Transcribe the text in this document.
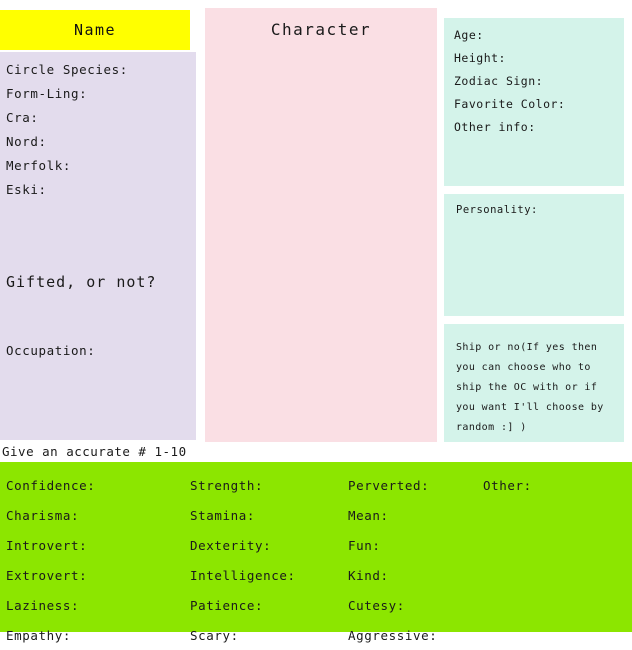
Name
Circle Species:
Form-Ling:
Cra:
Nord:
Merfolk:
Eski:
Gifted, or not?
Occupation:
Character	Age:
Height:
Zodiac Sign:
Favorite Color:
Other info:
Personality:
Ship or no(If yes then you can choose who to ship the OC with or if you want I'll choose by random :] )
Give an accurate # 1-10
Confidence:	Strength:	Perverted:	Other:
Charisma:	Stamina:	Mean:
Introvert:	Dexterity:	Fun:
Extrovert:	Intelligence:	Kind:
Laziness:	Patience:	Cutesy:
Empathy:	Scary:	Aggressive:
